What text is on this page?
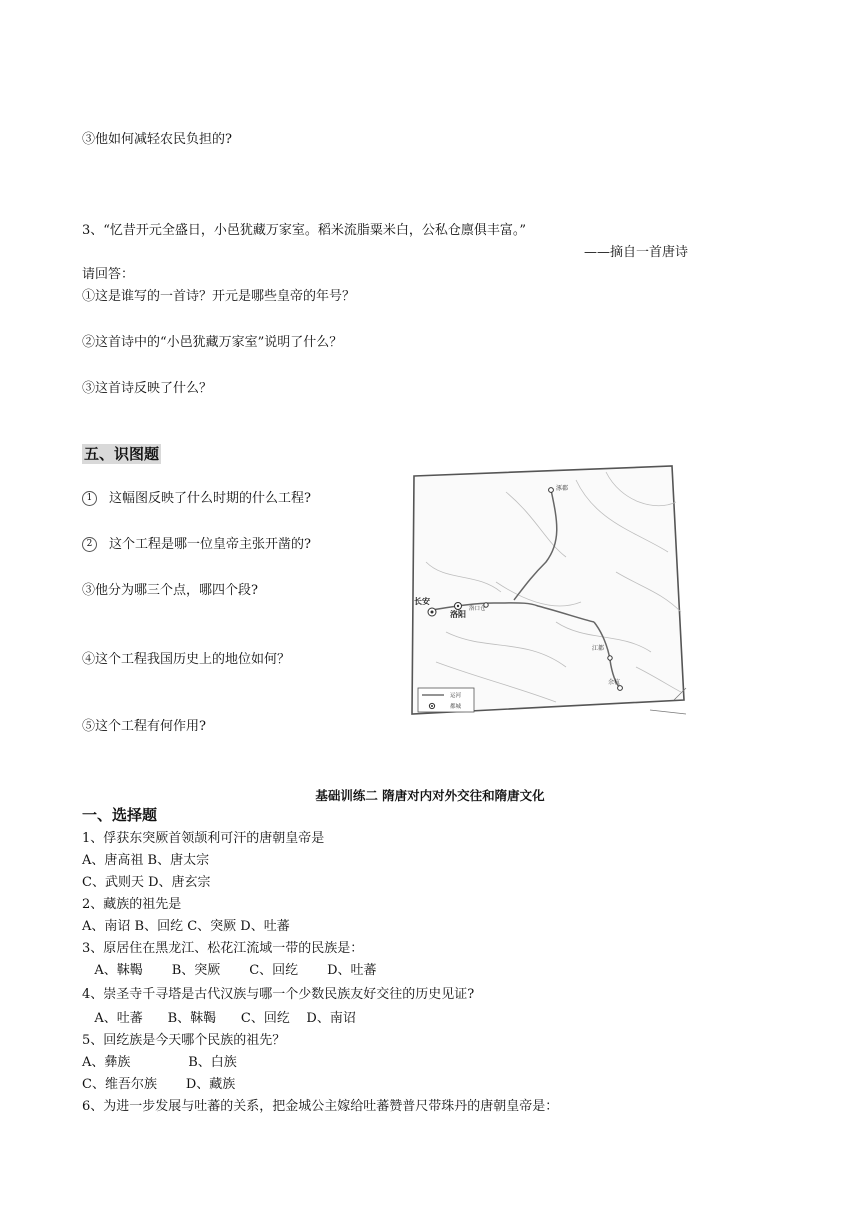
③他如何减轻农民负担的?
3、“忆昔开元全盛日，小邑犹藏万家室。稻米流脂粟米白，公私仓廪俱丰富。”
——摘自一首唐诗
请回答：
①这是谁写的一首诗？开元是哪些皇帝的年号？
②这首诗中的“小邑犹藏万家室”说明了什么？
③这首诗反映了什么？
五、识图题
1 这幅图反映了什么时期的什么工程?
2 这个工程是哪一位皇帝主张开凿的?
③他分为哪三个点，哪四个段?
④这个工程我国历史上的地位如何？
⑤这个工程有何作用?
涿郡
长安
洛阳
洛口仓
江都
余杭
运河
都城
基础训练二 隋唐对内对外交往和隋唐文化
一、选择题
1、俘获东突厥首领颉利可汗的唐朝皇帝是
A、唐高祖 B、唐太宗
C、武则天 D、唐玄宗
2、藏族的祖先是
A、南诏 B、回纥 C、突厥 D、吐蕃
3、原居住在黑龙江、松花江流域一带的民族是：
A、靺鞨       B、突厥       C、回纥       D、吐蕃
4、崇圣寺千寻塔是古代汉族与哪一个少数民族友好交往的历史见证?
A、吐蕃      B、靺鞨      C、回纥    D、南诏
5、回纥族是今天哪个民族的祖先？
A、彝族              B、白族
C、维吾尔族       D、藏族
6、为进一步发展与吐蕃的关系，把金城公主嫁给吐蕃赞普尺带珠丹的唐朝皇帝是：
